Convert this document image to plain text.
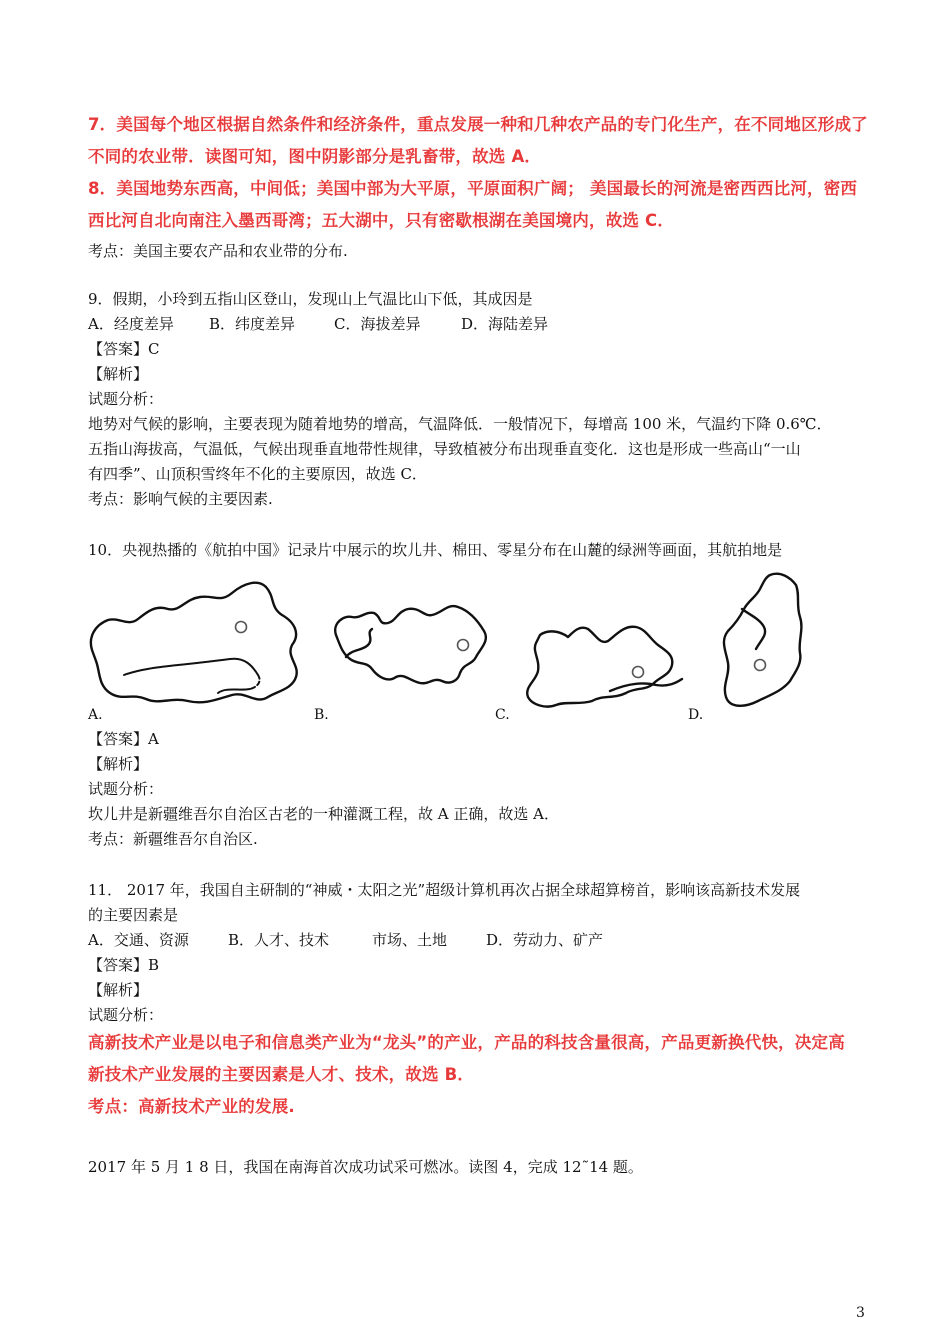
7．美国每个地区根据自然条件和经济条件，重点发展一种和几种农产品的专门化生产，在不同地区形成了
不同的农业带．读图可知，图中阴影部分是乳畜带，故选 A．
8．美国地势东西高，中间低；美国中部为大平原，平原面积广阔； 美国最长的河流是密西西比河，密西
西比河自北向南注入墨西哥湾；五大湖中，只有密歇根湖在美国境内，故选 C．
考点：美国主要农产品和农业带的分布.
9．假期，小玲到五指山区登山，发现山上气温比山下低，其成因是
A．经度差异 B．纬度差异	C．海拔差异	D．海陆差异
【答案】C
【解析】
试题分析：
地势对气候的影响，主要表现为随着地势的增高，气温降低．一般情况下，每增高 100 米，气温约下降 0.6℃．
五指山海拔高，气温低，气候出现垂直地带性规律，导致植被分布出现垂直变化．这也是形成一些高山“一山
有四季”、山顶积雪终年不化的主要原因，故选 C．
考点：影响气候的主要因素.
10．央视热播的《航拍中国》记录片中展示的坎儿井、棉田、零星分布在山麓的绿洲等画面，其航拍地是
A.	B.	C.	D.
【答案】A
【解析】
试题分析：
坎儿井是新疆维吾尔自治区古老的一种灌溉工程，故 A 正确，故选 A．
考点：新疆维吾尔自治区.
11． 2017 年，我国自主研制的“神威・太阳之光”超级计算机再次占据全球超算榜首，影响该高新技术发展
的主要因素是
A．交通、资源	B．人才、技术	市场、土地	D．劳动力、矿产
【答案】B
【解析】
试题分析：
高新技术产业是以电子和信息类产业为“龙头”的产业，产品的科技含量很高，产品更新换代快，决定高
新技术产业发展的主要因素是人才、技术，故选 B．
考点：高新技术产业的发展.
2017 年 5 月 1 8 日，我国在南海首次成功试采可燃冰。读图 4，完成 12˜14 题。
3
